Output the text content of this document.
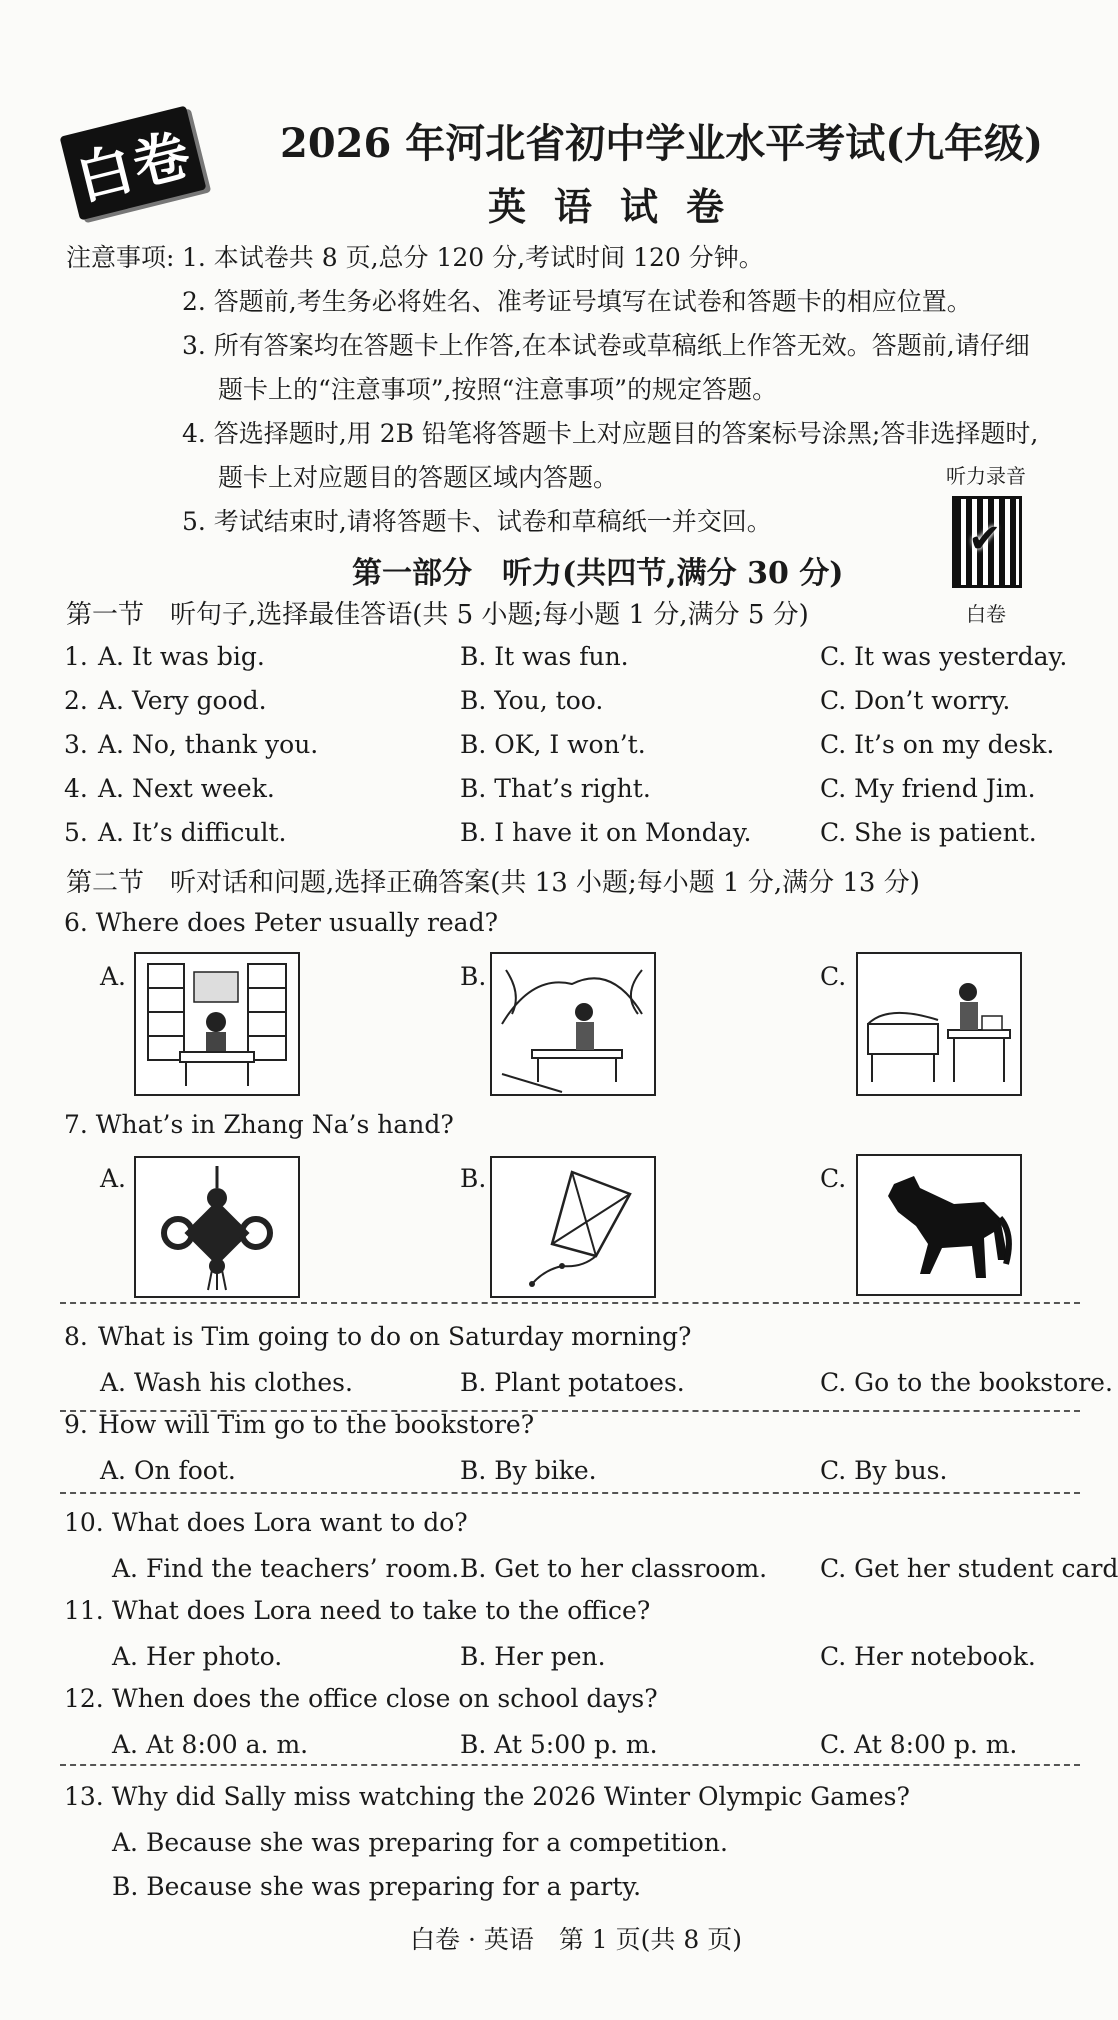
白卷 2026 年河北省初中学业水平考试(九年级)
英语试卷
注意事项: 1. 本试卷共 8 页,总分 120 分,考试时间 120 分钟。
2. 答题前,考生务必将姓名、准考证号填写在试卷和答题卡的相应位置。
3. 所有答案均在答题卡上作答,在本试卷或草稿纸上作答无效。答题前,请仔细
题卡上的“注意事项”,按照“注意事项”的规定答题。
4. 答选择题时,用 2B 铅笔将答题卡上对应题目的答案标号涂黑;答非选择题时,
题卡上对应题目的答题区域内答题。
5. 考试结束时,请将答题卡、试卷和草稿纸一并交回。
听力录音
✔
白卷
第一部分　听力(共四节,满分 30 分)
第一节　听句子,选择最佳答语(共 5 小题;每小题 1 分,满分 5 分)
1. A. It was big.	B. It was fun.	C. It was yesterday.
2. A. Very good.	B. You, too.	C. Don’t worry.
3. A. No, thank you.	B. OK, I won’t.	C. It’s on my desk.
4. A. Next week.	B. That’s right.	C. My friend Jim.
5. A. It’s difficult.	B. I have it on Monday.	C. She is patient.
第二节　听对话和问题,选择正确答案(共 13 小题;每小题 1 分,满分 13 分)
6. Where does Peter usually read?
A.	B.	C.
7. What’s in Zhang Na’s hand?
A.	B.	C.
8. What is Tim going to do on Saturday morning?
A. Wash his clothes.	B. Plant potatoes.	C. Go to the bookstore.
9. How will Tim go to the bookstore?
A. On foot.	B. By bike.	C. By bus.
10. What does Lora want to do?
A. Find the teachers’ room. B. Get to her classroom. C. Get her student card
11. What does Lora need to take to the office?
A. Her photo.	B. Her pen.	C. Her notebook.
12. When does the office close on school days?
A. At 8:00 a. m.	B. At 5:00 p. m.	C. At 8:00 p. m.
13. Why did Sally miss watching the 2026 Winter Olympic Games?
A. Because she was preparing for a competition.
B. Because she was preparing for a party.
白卷 · 英语　第 1 页(共 8 页)
